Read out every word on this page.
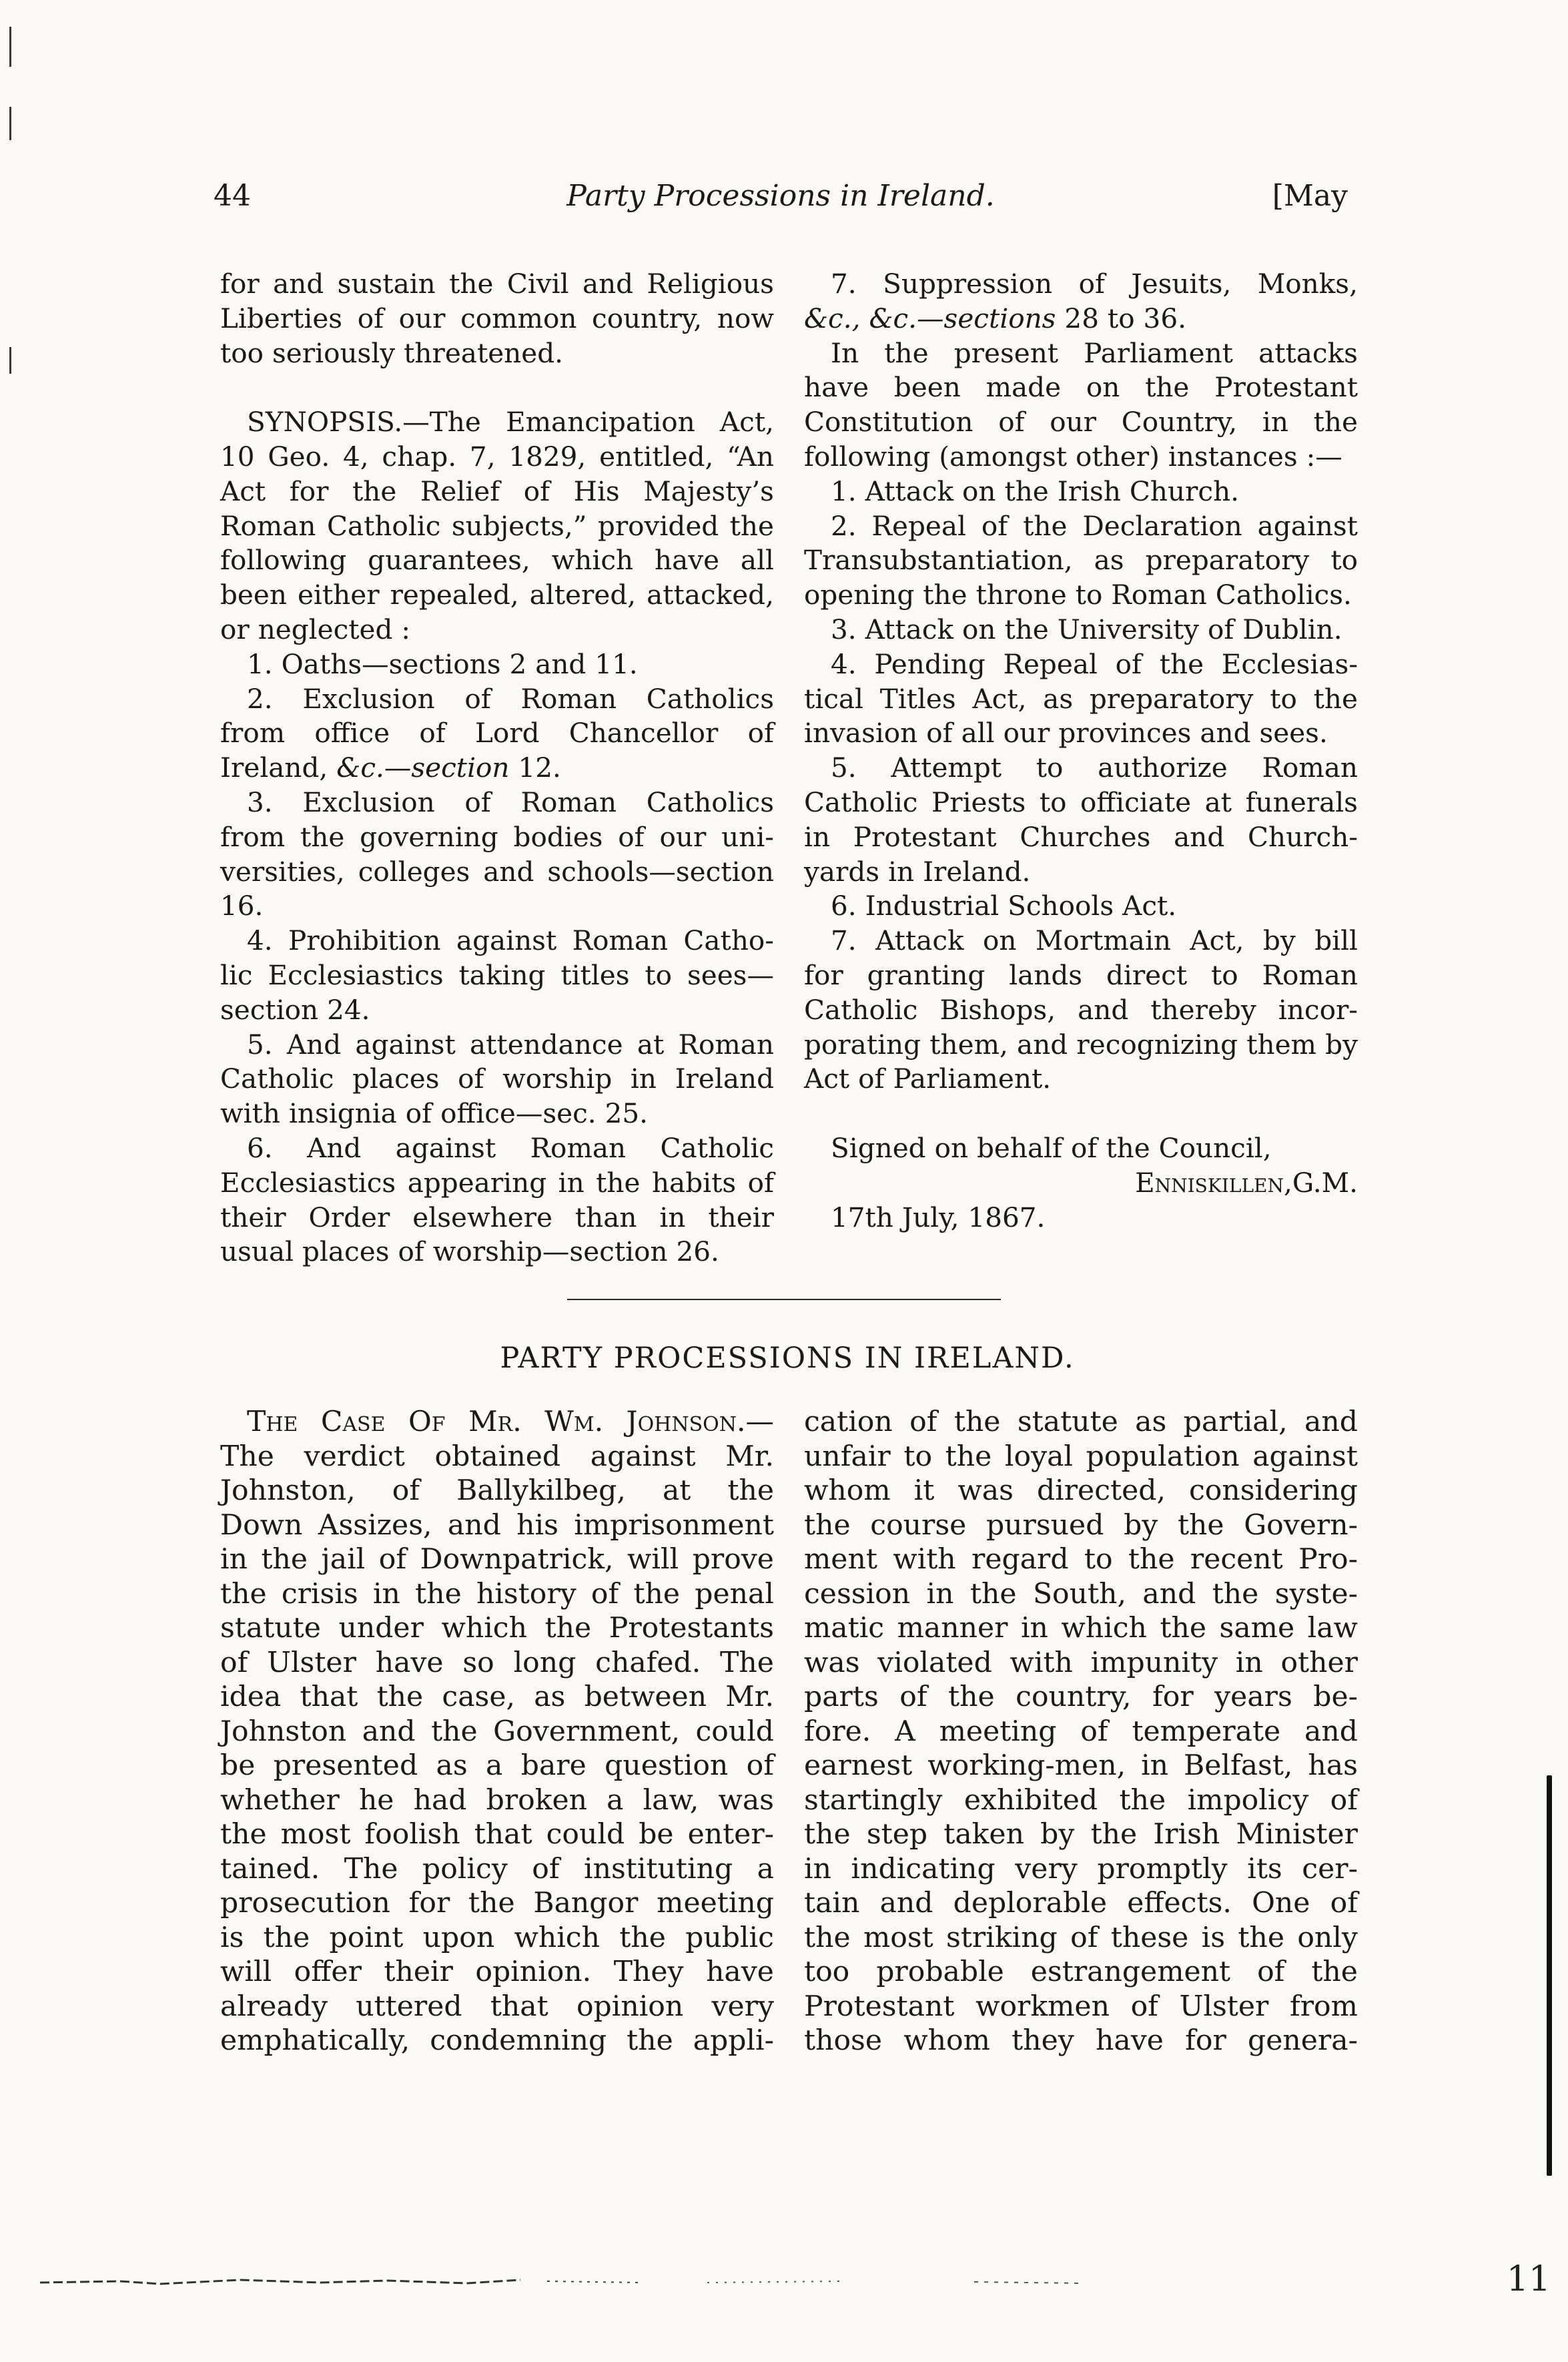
44	Party Processions in Ireland.	[May
for and sustain the Civil and Religious
Liberties of our common country, now
too seriously threatened.
SYNOPSIS.—The Emancipation Act,
10 Geo. 4, chap. 7, 1829, entitled, “An
Act for the Relief of His Majesty’s
Roman Catholic subjects,” provided the
following guarantees, which have all
been either repealed, altered, attacked,
or neglected :
1. Oaths—sections 2 and 11.
2. Exclusion of Roman Catholics
from office of Lord Chancellor of
Ireland, &c.—section 12.
3. Exclusion of Roman Catholics
from the governing bodies of our uni-
versities, colleges and schools—section
16.
4. Prohibition against Roman Catho-
lic Ecclesiastics taking titles to sees—
section 24.
5. And against attendance at Roman
Catholic places of worship in Ireland
with insignia of office—sec. 25.
6. And against Roman Catholic
Ecclesiastics appearing in the habits of
their Order elsewhere than in their
usual places of worship—section 26.
7. Suppression of Jesuits, Monks,
&c., &c.—sections 28 to 36.
In the present Parliament attacks
have been made on the Protestant
Constitution of our Country, in the
following (amongst other) instances :—
1. Attack on the Irish Church.
2. Repeal of the Declaration against
Transubstantiation, as preparatory to
opening the throne to Roman Catholics.
3. Attack on the University of Dublin.
4. Pending Repeal of the Ecclesias-
tical Titles Act, as preparatory to the
invasion of all our provinces and sees.
5. Attempt to authorize Roman
Catholic Priests to officiate at funerals
in Protestant Churches and Church-
yards in Ireland.
6. Industrial Schools Act.
7. Attack on Mortmain Act, by bill
for granting lands direct to Roman
Catholic Bishops, and thereby incor-
porating them, and recognizing them by
Act of Parliament.
Signed on behalf of the Council,
Enniskillen, G.M.
17th July, 1867.
PARTY PROCESSIONS IN IRELAND.
The Case Of Mr. Wm. Johnson.—
The verdict obtained against Mr.
Johnston, of Ballykilbeg, at the
Down Assizes, and his imprisonment
in the jail of Downpatrick, will prove
the crisis in the history of the penal
statute under which the Protestants
of Ulster have so long chafed. The
idea that the case, as between Mr.
Johnston and the Government, could
be presented as a bare question of
whether he had broken a law, was
the most foolish that could be enter-
tained. The policy of instituting a
prosecution for the Bangor meeting
is the point upon which the public
will offer their opinion. They have
already uttered that opinion very
emphatically, condemning the appli-
cation of the statute as partial, and
unfair to the loyal population against
whom it was directed, considering
the course pursued by the Govern-
ment with regard to the recent Pro-
cession in the South, and the syste-
matic manner in which the same law
was violated with impunity in other
parts of the country, for years be-
fore. A meeting of temperate and
earnest working-men, in Belfast, has
startingly exhibited the impolicy of
the step taken by the Irish Minister
in indicating very promptly its cer-
tain and deplorable effects. One of
the most striking of these is the only
too probable estrangement of the
Protestant workmen of Ulster from
those whom they have for genera-
11
